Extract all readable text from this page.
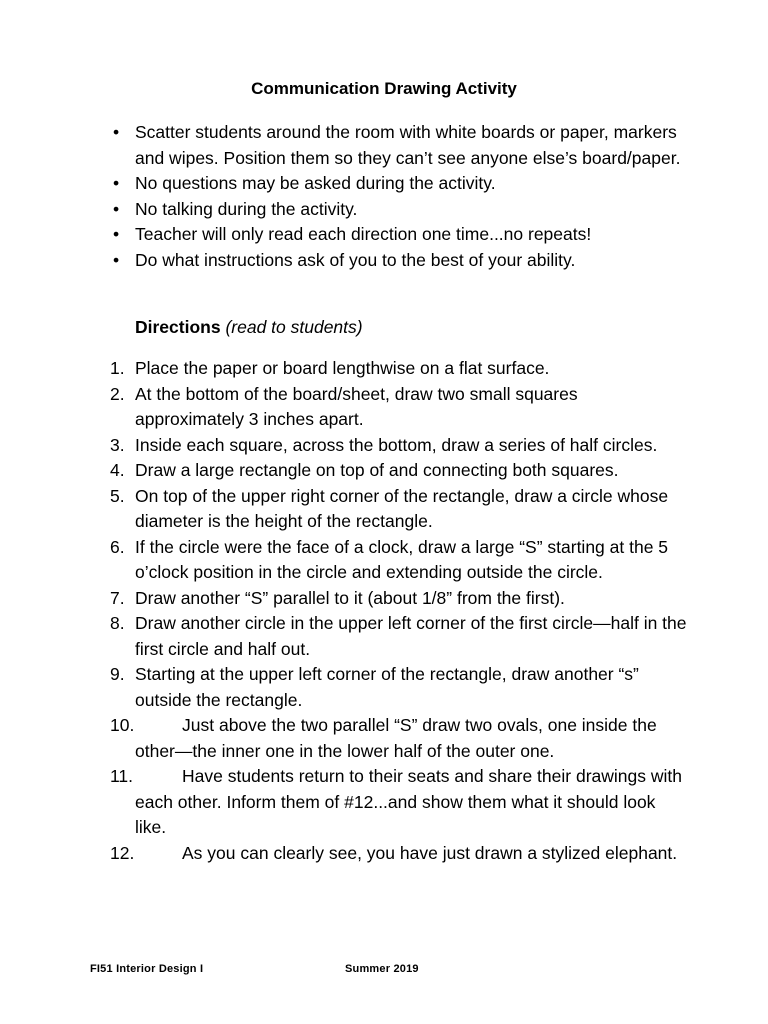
Communication Drawing Activity
• Scatter students around the room with white boards or paper, markers and wipes. Position them so they can’t see anyone else’s board/paper.
• No questions may be asked during the activity.
• No talking during the activity.
• Teacher will only read each direction one time...no repeats!
• Do what instructions ask of you to the best of your ability.
Directions (read to students)
1. Place the paper or board lengthwise on a flat surface.
2. At the bottom of the board/sheet, draw two small squares approximately 3 inches apart.
3. Inside each square, across the bottom, draw a series of half circles.
4. Draw a large rectangle on top of and connecting both squares.
5. On top of the upper right corner of the rectangle, draw a circle whose diameter is the height of the rectangle.
6. If the circle were the face of a clock, draw a large “S” starting at the 5 o’clock position in the circle and extending outside the circle.
7. Draw another “S” parallel to it (about 1/8” from the first).
8. Draw another circle in the upper left corner of the first circle—half in the first circle and half out.
9. Starting at the upper left corner of the rectangle, draw another “s” outside the rectangle.
10.	Just above the two parallel “S” draw two ovals, one inside the other—the inner one in the lower half of the outer one.
11.	Have students return to their seats and share their drawings with each other. Inform them of #12...and show them what it should look like.
12.	As you can clearly see, you have just drawn a stylized elephant.
FI51 Interior Design I	Summer 2019
